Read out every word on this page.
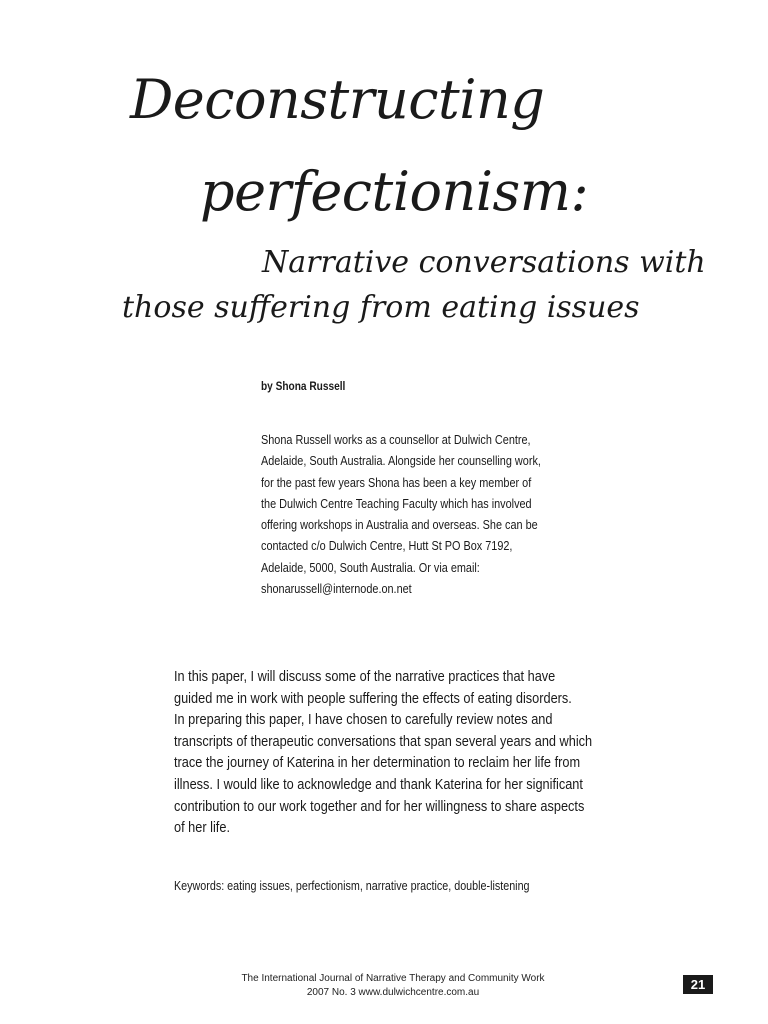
Deconstructing
perfectionism:
Narrative conversations with
those suffering from eating issues
by Shona Russell
Shona Russell works as a counsellor at Dulwich Centre,
Adelaide, South Australia. Alongside her counselling work,
for the past few years Shona has been a key member of
the Dulwich Centre Teaching Faculty which has involved
offering workshops in Australia and overseas. She can be
contacted c/o Dulwich Centre, Hutt St PO Box 7192,
Adelaide, 5000, South Australia. Or via email:
shonarussell@internode.on.net
In this paper, I will discuss some of the narrative practices that have
guided me in work with people suffering the effects of eating disorders.
In preparing this paper, I have chosen to carefully review notes and
transcripts of therapeutic conversations that span several years and which
trace the journey of Katerina in her determination to reclaim her life from
illness. I would like to acknowledge and thank Katerina for her significant
contribution to our work together and for her willingness to share aspects
of her life.
Keywords: eating issues, perfectionism, narrative practice, double-listening
The International Journal of Narrative Therapy and Community Work
2007 No. 3 www.dulwichcentre.com.au
21
